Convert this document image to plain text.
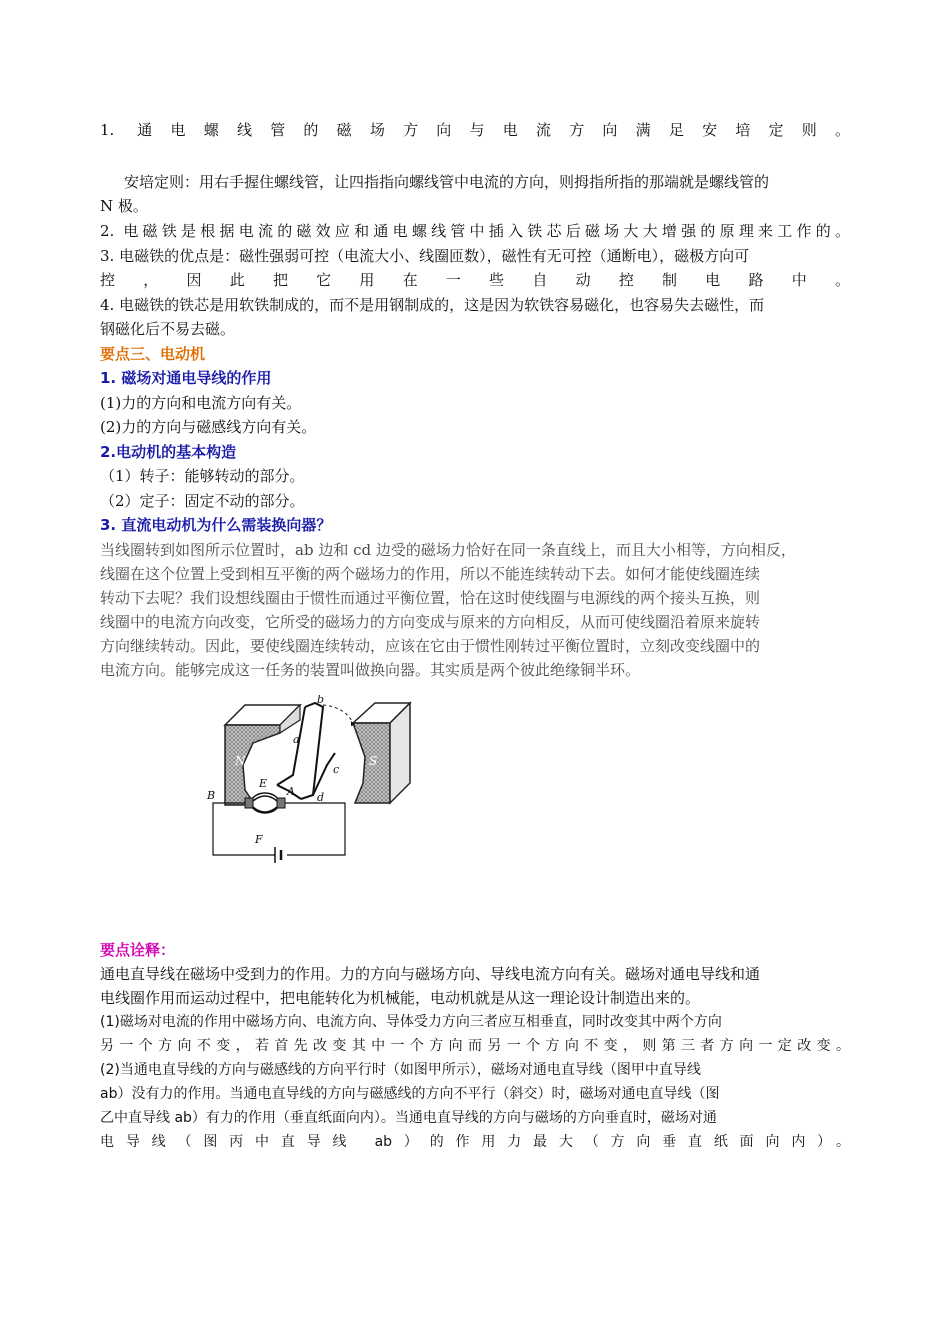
1. 通电螺线管的磁场方向与电流方向满足安培定则。
安培定则：用右手握住螺线管，让四指指向螺线管中电流的方向，则拇指所指的那端就是螺线管的
N 极。
2. 电磁铁是根据电流的磁效应和通电螺线管中插入铁芯后磁场大大增强的原理来工作的。
3. 电磁铁的优点是：磁性强弱可控（电流大小、线圈匝数），磁性有无可控（通断电），磁极方向可
控，因此把它用在一些自动控制电路中。
4. 电磁铁的铁芯是用软铁制成的，而不是用钢制成的，这是因为软铁容易磁化，也容易失去磁性，而
钢磁化后不易去磁。
要点三、电动机
1. 磁场对通电导线的作用
(1)力的方向和电流方向有关。
(2)力的方向与磁感线方向有关。
2.电动机的基本构造
（1）转子：能够转动的部分。
（2）定子：固定不动的部分。
3. 直流电动机为什么需装换向器？
当线圈转到如图所示位置时，ab 边和 cd 边受的磁场力恰好在同一条直线上，而且大小相等，方向相反，
线圈在这个位置上受到相互平衡的两个磁场力的作用，所以不能连续转动下去。如何才能使线圈连续
转动下去呢？我们设想线圈由于惯性而通过平衡位置，恰在这时使线圈与电源线的两个接头互换，则
线圈中的电流方向改变，它所受的磁场力的方向变成与原来的方向相反，从而可使线圈沿着原来旋转
方向继续转动。因此，要使线圈连续转动，应该在它由于惯性刚转过平衡位置时，立刻改变线圈中的
电流方向。能够完成这一任务的装置叫做换向器。其实质是两个彼此绝缘铜半环。
N	S
a
b
c
d
A
B
E
F
要点诠释：
通电直导线在磁场中受到力的作用。力的方向与磁场方向、导线电流方向有关。磁场对通电导线和通
电线圈作用而运动过程中，把电能转化为机械能，电动机就是从这一理论设计制造出来的。
(1)磁场对电流的作用中磁场方向、电流方向、导体受力方向三者应互相垂直，同时改变其中两个方向
另一个方向不变，若首先改变其中一个方向而另一个方向不变，则第三者方向一定改变。
(2)当通电直导线的方向与磁感线的方向平行时（如图甲所示），磁场对通电直导线（图甲中直导线
ab）没有力的作用。当通电直导线的方向与磁感线的方向不平行（斜交）时，磁场对通电直导线（图
乙中直导线 ab）有力的作用（垂直纸面向内）。当通电直导线的方向与磁场的方向垂直时，磁场对通
电导线（图丙中直导线 ab）的作用力最大（方向垂直纸面向内）。
